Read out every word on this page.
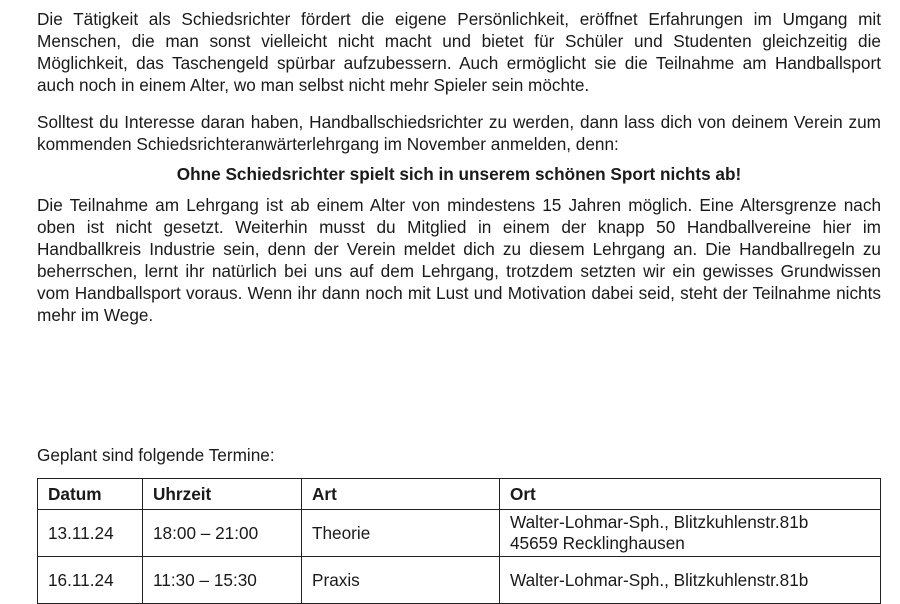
Die Tätigkeit als Schiedsrichter fördert die eigene Persönlichkeit, eröffnet Erfahrungen im Umgang mit Menschen, die man sonst vielleicht nicht macht und bietet für Schüler und Studenten gleichzeitig die Möglichkeit, das Taschengeld spürbar aufzubessern. Auch ermöglicht sie die Teilnahme am Handballsport auch noch in einem Alter, wo man selbst nicht mehr Spieler sein möchte.

Solltest du Interesse daran haben, Handballschiedsrichter zu werden, dann lass dich von deinem Verein zum kommenden Schiedsrichteranwärterlehrgang im November anmelden, denn:

Ohne Schiedsrichter spielt sich in unserem schönen Sport nichts ab!

Die Teilnahme am Lehrgang ist ab einem Alter von mindestens 15 Jahren möglich. Eine Altersgrenze nach oben ist nicht gesetzt. Weiterhin musst du Mitglied in einem der knapp 50 Handballvereine hier im Handballkreis Industrie sein, denn der Verein meldet dich zu diesem Lehrgang an. Die Handballregeln zu beherrschen, lernt ihr natürlich bei uns auf dem Lehrgang, trotzdem setzten wir ein gewisses Grundwissen vom Handballsport voraus. Wenn ihr dann noch mit Lust und Motivation dabei seid, steht der Teilnahme nichts mehr im Wege.

Geplant sind folgende Termine:

Datum	Uhrzeit	Art	Ort
13.11.24	18:00 – 21:00	Theorie	Walter-Lohmar-Sph., Blitzkuhlenstr.81b
45659 Recklinghausen

16.11.24	11:30 – 15:30	Praxis	Walter-Lohmar-Sph., Blitzkuhlenstr.81b
